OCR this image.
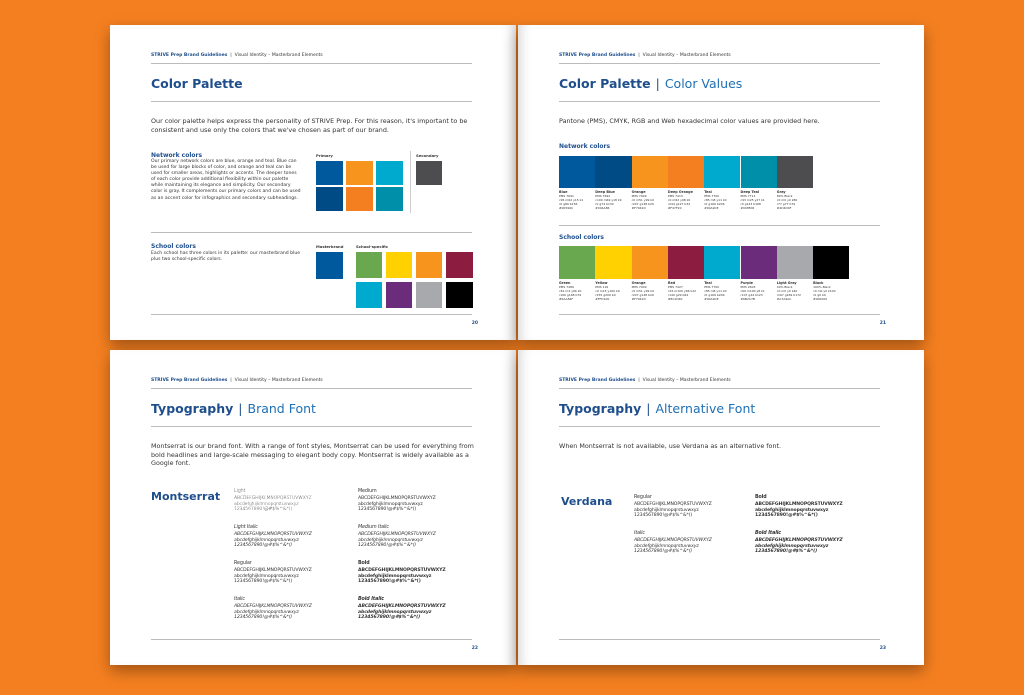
STRIVE Prep Brand Guidelines  |  Visual Identity – Masterbrand Elements
Color Palette
Our color palette helps express the personality of STRIVE Prep. For this reason, it's important to be consistent and use only the colors that we've chosen as part of our brand.
Network colors
Our primary network colors are blue, orange and teal. Blue can be used for large blocks of color, and orange and teal can be used for smaller areas, highlights or accents. The deeper tones of each color provide additional flexibility within our palette while maintaining its elegance and simplicity. Our secondary color is gray. It complements our primary colors and can be used as an accent color for infographics and secondary subheadings.
Primary	Secondary
School colors
Each school has three colors in its palette: our masterbrand blue plus two school-specific colors.
Masterbrand	School-specific
20
STRIVE Prep Brand Guidelines  |  Visual Identity – Masterbrand Elements
Color Palette | Color Values
Pantone (PMS), CMYK, RGB and Web hexadecimal color values are provided here.
Network colors
Blue
PMS 7691
c95 m62 y15 k1
r0 g89 b156
#00599C
Deep Blue
PMS 7692
c100 m69 y18 k9
r0 g74 b134
#004A86
Orange
PMS 7409
c0 m51 y99 k0
r247 g148 b29
#F7941D
Deep Orange
PMS 7413
c0 m62 y98 k0
r244 g127 b32
#F47F20
Teal
PMS 7700
c85 m8 y11 k0
r0 g169 b206
#00A9CE
Deep Teal
PMS 7711
c93 m25 y27 k1
r0 g143 b168
#008FA8
Gray
80% Black
c0 m0 y0 k80
r77 g77 b79
#4D4D4F
School colors
Green
PMS 7489
c61 m4 y96 k0
r106 g168 b79
#6AA84F
Yellow
PMS 116
c0 m15 y100 k0
r255 g209 b0
#FFD100
Orange
PMS 7409
c0 m51 y99 k0
r247 g148 b29
#F7941D
Red
PMS 7427
c25 m100 y66 k22
r140 g29 b64
#8C1D40
Teal
PMS 7700
c85 m8 y11 k0
r0 g169 b206
#00A9CE
Purple
PMS 2603
c69 m100 y8 k1
r107 g44 b123
#6B2C7B
Light Gray
40% Black
c0 m0 y0 k40
r167 g169 b172
#A7A9AC
Black
100% Black
c0 m0 y0 k100
r0 g0 b0
#000000
21
STRIVE Prep Brand Guidelines  |  Visual Identity – Masterbrand Elements
Typography | Brand Font
Montserrat is our brand font. With a range of font styles, Montserrat can be used for everything from bold headlines and large-scale messaging to elegant body copy. Montserrat is widely available as a Google font.
Montserrat	Light
ABCDEFGHIJKLMNOPQRSTUVWXYZ
abcdefghijklmnopqrstuvwxyz
1234567890!@#$%^&*()
Medium
ABCDEFGHIJKLMNOPQRSTUVWXYZ
abcdefghijklmnopqrstuvwxyz
1234567890!@#$%^&*()
Light Italic
ABCDEFGHIJKLMNOPQRSTUVWXYZ
abcdefghijklmnopqrstuvwxyz
1234567890!@#$%^&*()
Medium Italic
ABCDEFGHIJKLMNOPQRSTUVWXYZ
abcdefghijklmnopqrstuvwxyz
1234567890!@#$%^&*()
Regular
ABCDEFGHIJKLMNOPQRSTUVWXYZ
abcdefghijklmnopqrstuvwxyz
1234567890!@#$%^&*()
Bold
ABCDEFGHIJKLMNOPQRSTUVWXYZ
abcdefghijklmnopqrstuvwxyz
1234567890!@#$%^&*()
Italic
ABCDEFGHIJKLMNOPQRSTUVWXYZ
abcdefghijklmnopqrstuvwxyz
1234567890!@#$%^&*()
Bold Italic
ABCDEFGHIJKLMNOPQRSTUVWXYZ
abcdefghijklmnopqrstuvwxyz
1234567890!@#$%^&*()
22
STRIVE Prep Brand Guidelines  |  Visual Identity – Masterbrand Elements
Typography | Alternative Font
When Montserrat is not available, use Verdana as an alternative font.
Verdana	Regular
ABCDEFGHIJKLMNOPQRSTUVWXYZ
abcdefghijklmnopqrstuvwxyz
1234567890!@#$%^&*()
Bold
ABCDEFGHIJKLMNOPQRSTUVWXYZ
abcdefghijklmnopqrstuvwxyz
1234567890!@#$%^&*()
Italic
ABCDEFGHIJKLMNOPQRSTUVWXYZ
abcdefghijklmnopqrstuvwxyz
1234567890!@#$%^&*()
Bold Italic
ABCDEFGHIJKLMNOPQRSTUVWXYZ
abcdefghijklmnopqrstuvwxyz
1234567890!@#$%^&*()
23
